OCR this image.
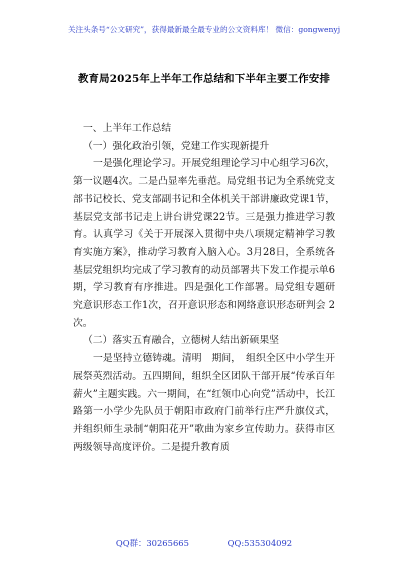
关注头条号“公文研究”，获得最新最全最专业的公文资料库！ 微信：gongwenyj
教育局2025年上半年工作总结和下半年主要工作安排

一、上半年工作总结

（一）强化政治引领，党建工作实现新提升

一是强化理论学习。开展党组理论学习中心组学习6次，第一议题4次。二是凸显率先垂范。局党组书记为全系统党支部书记校长、党支部副书记和全体机关干部讲廉政党课1节，基层党支部书记走上讲台讲党课22节。三是强力推进学习教育。认真学习《关于开展深入贯彻中央八项规定精神学习教育实施方案》，推动学习教育入脑入心。3月28日，全系统各基层党组织均完成了学习教育的动员部署共下发工作提示单6期，学习教育有序推进。四是强化工作部署。局党组专题研究意识形态工作1次，召开意识形态和网络意识形态研判会 2 次。

（二）落实五育融合，立德树人结出新硕果坚

一是坚持立德铸魂。清明　期间，　组织全区中小学生开展祭英烈活动。五四期间，组织全区团队干部开展“传承百年薪火”主题实践。六一期间，在“红领巾心向党”活动中，长江路第一小学少先队员于朝阳市政府门前举行庄严升旗仪式，并组织师生录制“朝阳花开”歌曲为家乡宣传助力。获得市区两级领导高度评价。二是提升教育质

QQ群：30265665	QQ:535304092
